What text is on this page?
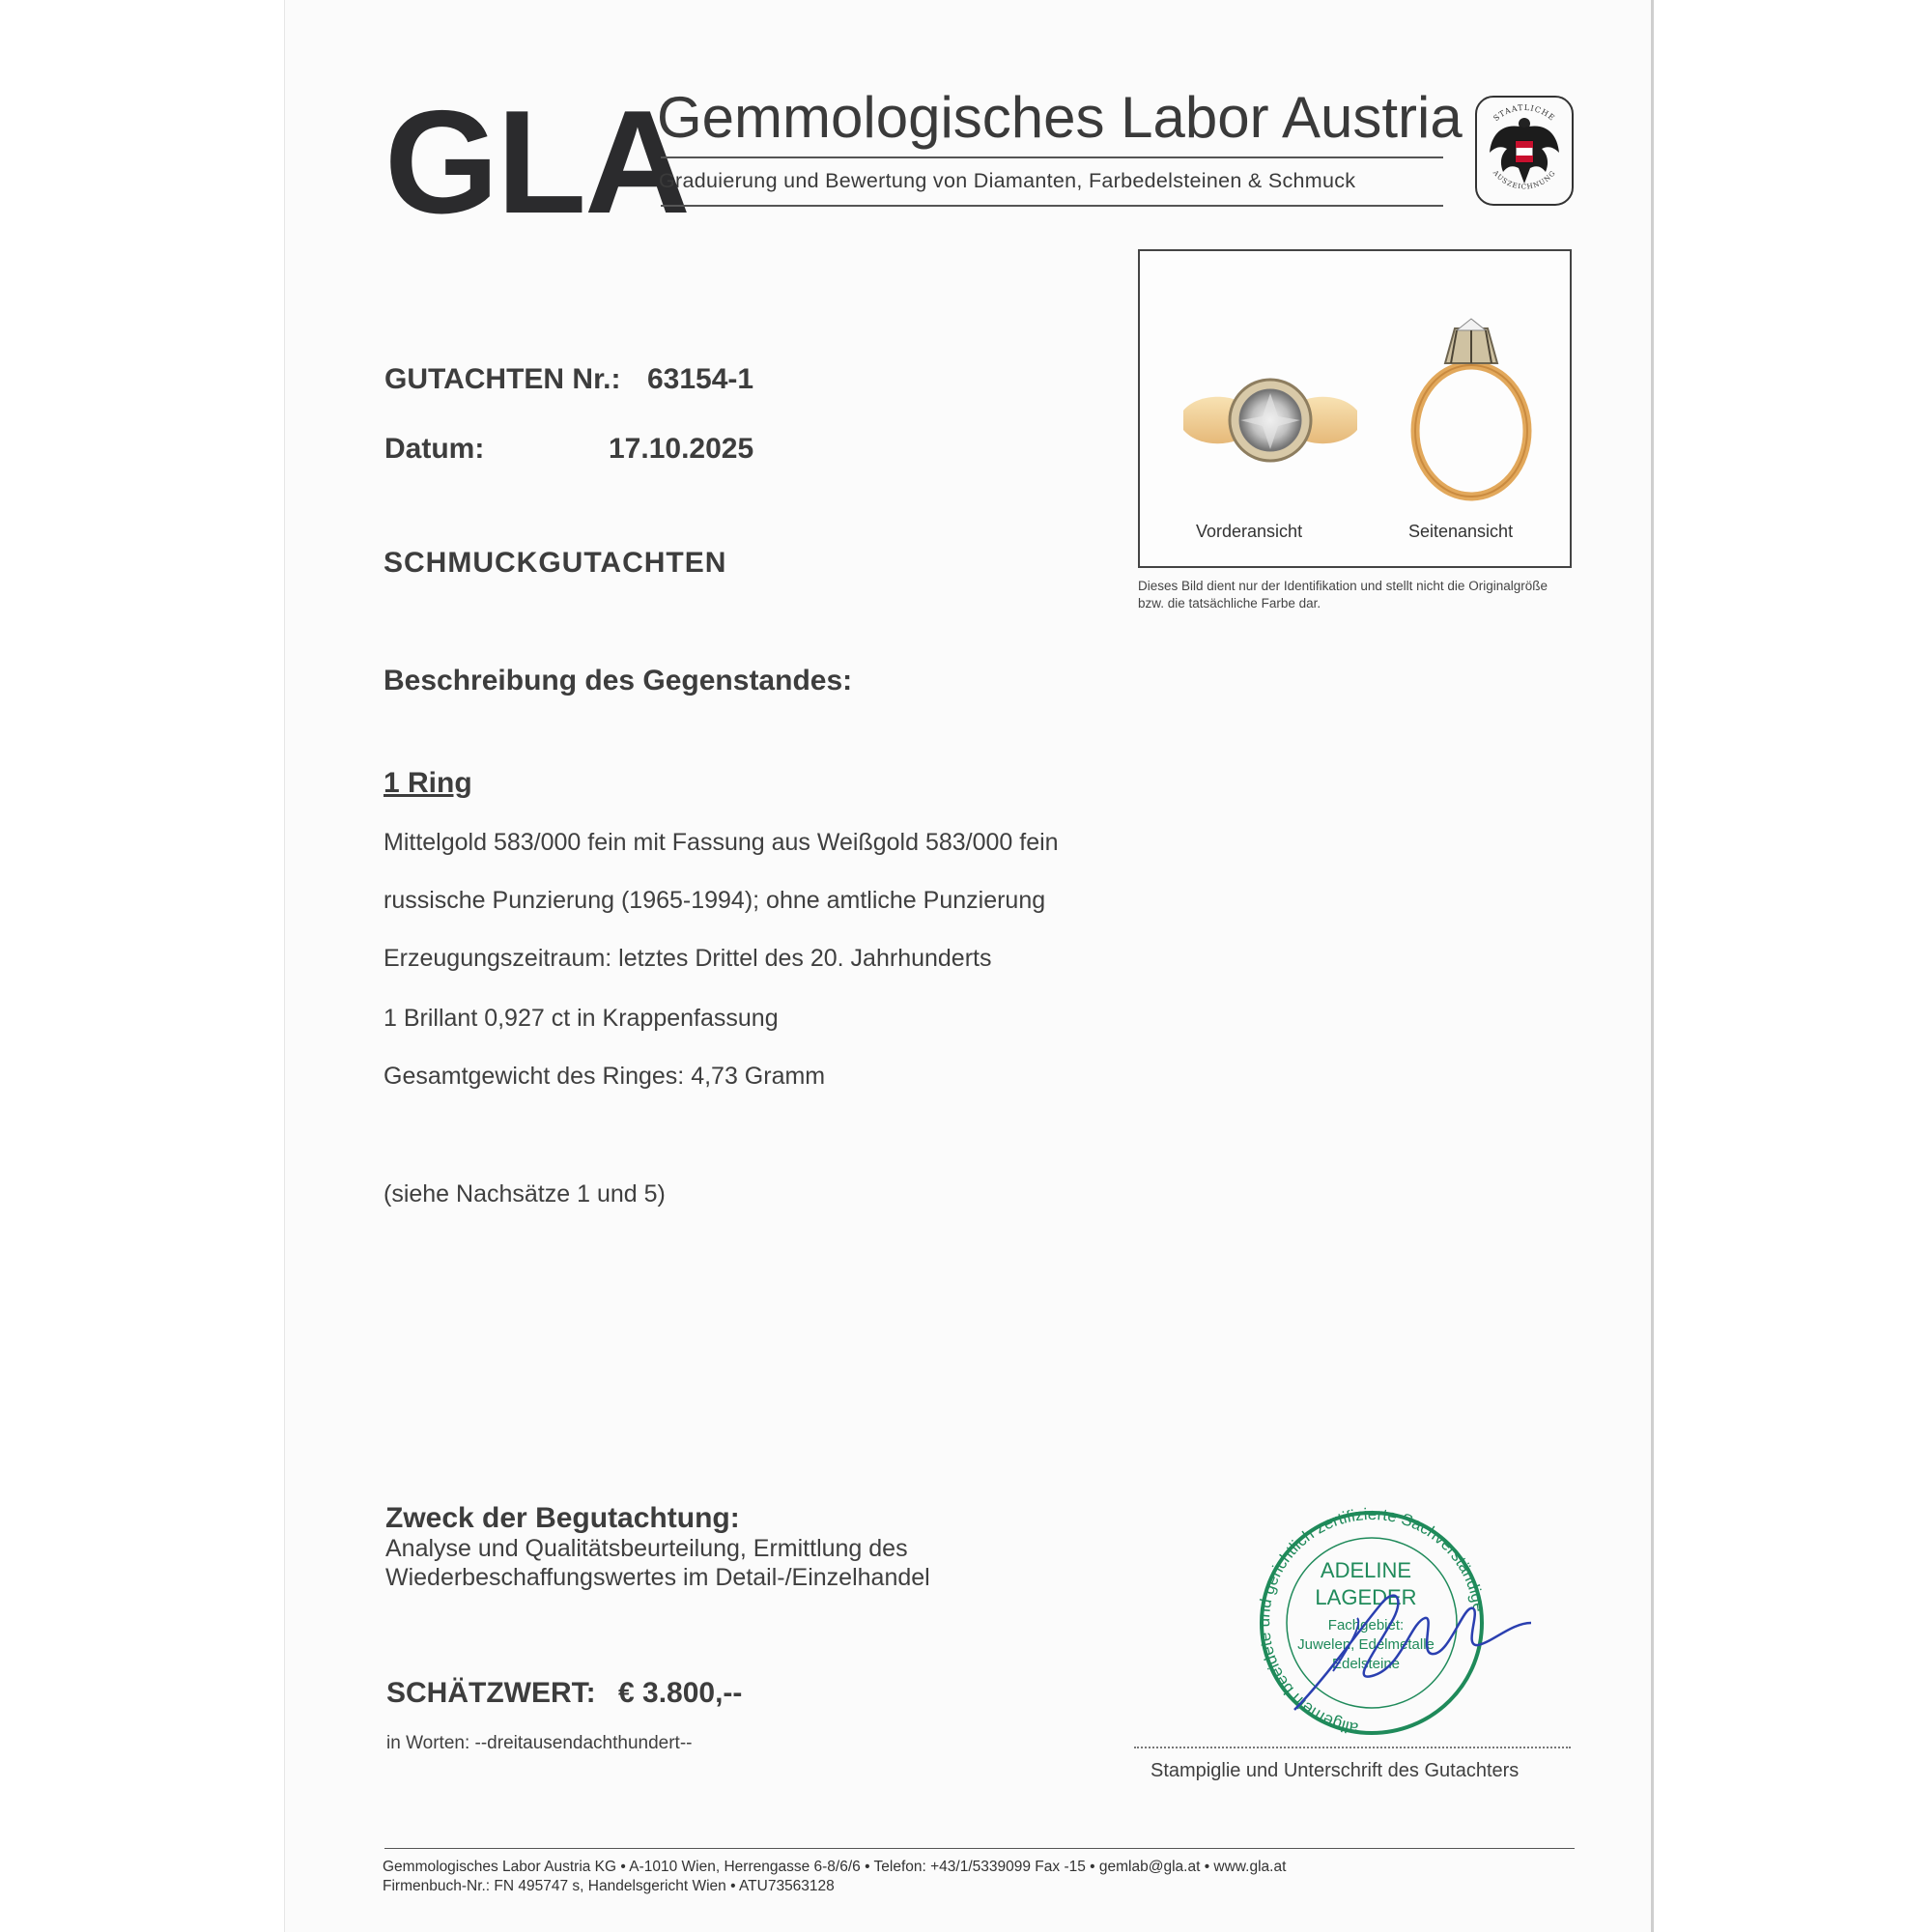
GLA
Gemmologisches Labor Austria
Graduierung und Bewertung von Diamanten, Farbedelsteinen & Schmuck
STAATLICHE
AUSZEICHNUNG
GUTACHTEN Nr.: 63154-1
Datum:	17.10.2025
SCHMUCKGUTACHTEN
Vorderansicht	Seitenansicht
Dieses Bild dient nur der Identifikation und stellt nicht die Originalgröße bzw. die tatsächliche Farbe dar.
Beschreibung des Gegenstandes:
1 Ring
Mittelgold 583/000 fein mit Fassung aus Weißgold 583/000 fein
russische Punzierung (1965-1994); ohne amtliche Punzierung
Erzeugungszeitraum: letztes Drittel des 20. Jahrhunderts
1 Brillant 0,927 ct in Krappenfassung
Gesamtgewicht des Ringes: 4,73 Gramm
(siehe Nachsätze 1 und 5)
Zweck der Begutachtung:
Analyse und Qualitätsbeurteilung, Ermittlung des
Wiederbeschaffungswertes im Detail-/Einzelhandel
SCHÄTZWERT: € 3.800,--
in Worten: --dreitausendachthundert--
allgemein beeidete und gerichtlich zertifizierte Sachverständige
ADELINE
LAGEDER
Fachgebiet:
Juwelen, Edelmetalle
Edelsteine
Stampiglie und Unterschrift des Gutachters
Gemmologisches Labor Austria KG • A-1010 Wien, Herrengasse 6-8/6/6 • Telefon: +43/1/5339099 Fax -15 • gemlab@gla.at • www.gla.at
Firmenbuch-Nr.: FN 495747 s, Handelsgericht Wien • ATU73563128
